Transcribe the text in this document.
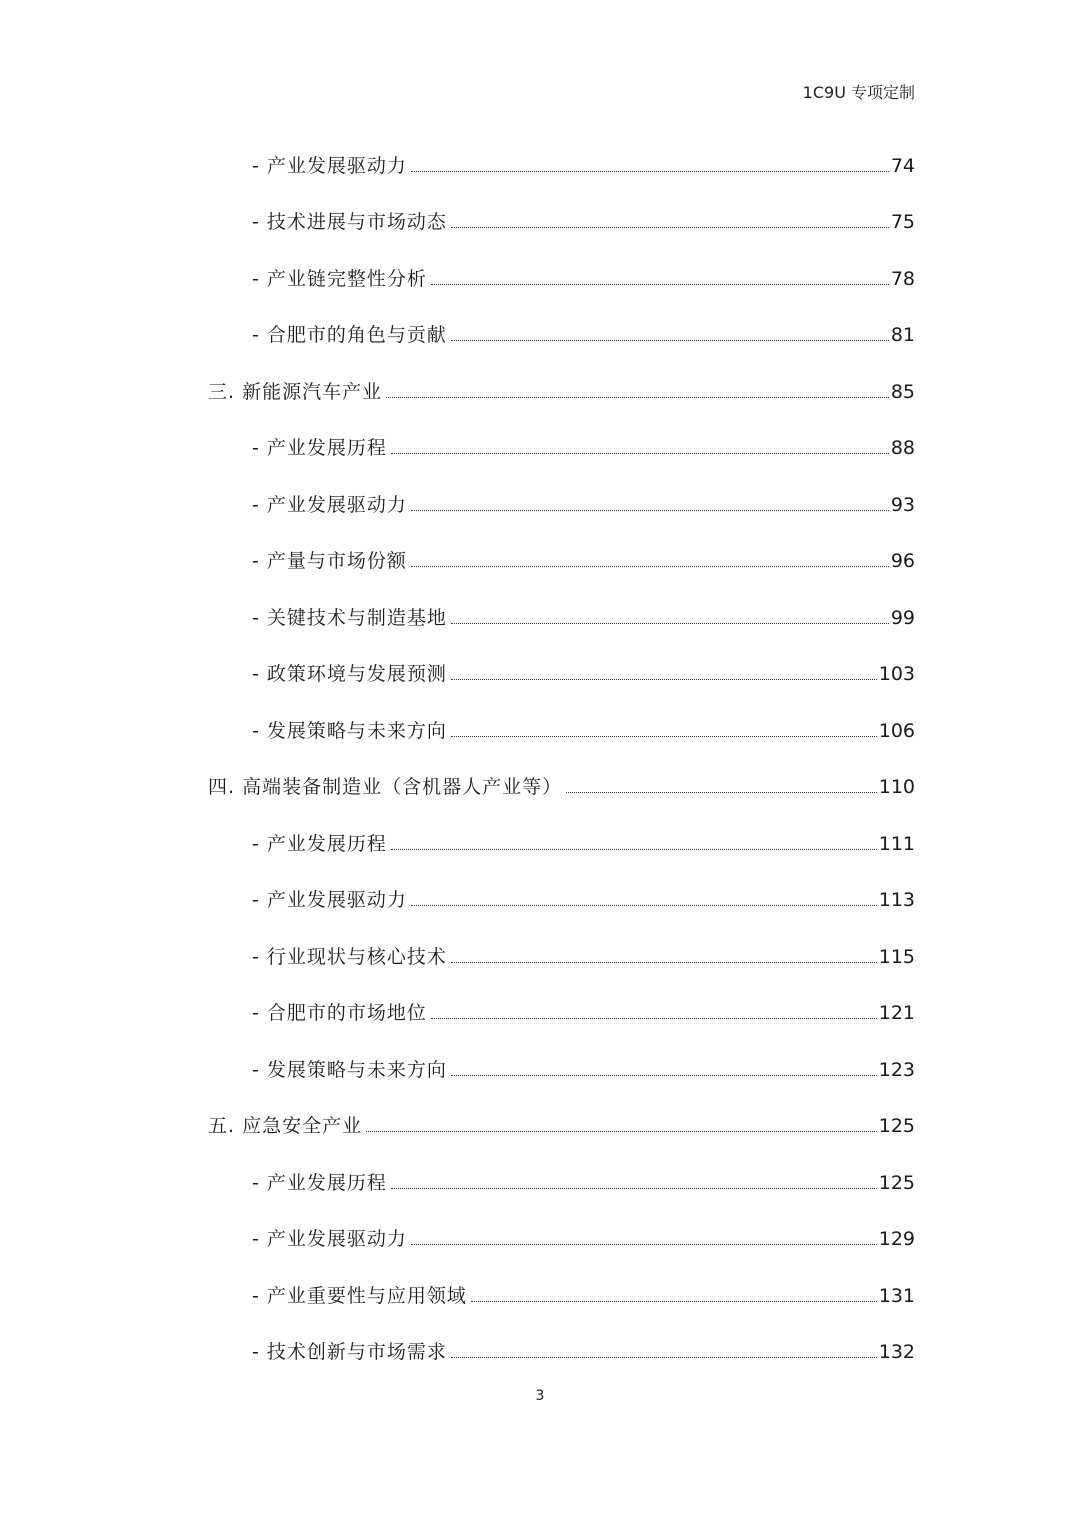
1C9U 专项定制
- 产业发展驱动力	74
- 技术进展与市场动态	75
- 产业链完整性分析	78
- 合肥市的角色与贡献	81
三. 新能源汽车产业	85
- 产业发展历程	88
- 产业发展驱动力	93
- 产量与市场份额	96
- 关键技术与制造基地	99
- 政策环境与发展预测	103
- 发展策略与未来方向	106
四. 高端装备制造业（含机器人产业等）	110
- 产业发展历程	111
- 产业发展驱动力	113
- 行业现状与核心技术	115
- 合肥市的市场地位	121
- 发展策略与未来方向	123
五. 应急安全产业	125
- 产业发展历程	125
- 产业发展驱动力	129
- 产业重要性与应用领域	131
- 技术创新与市场需求	132
3
